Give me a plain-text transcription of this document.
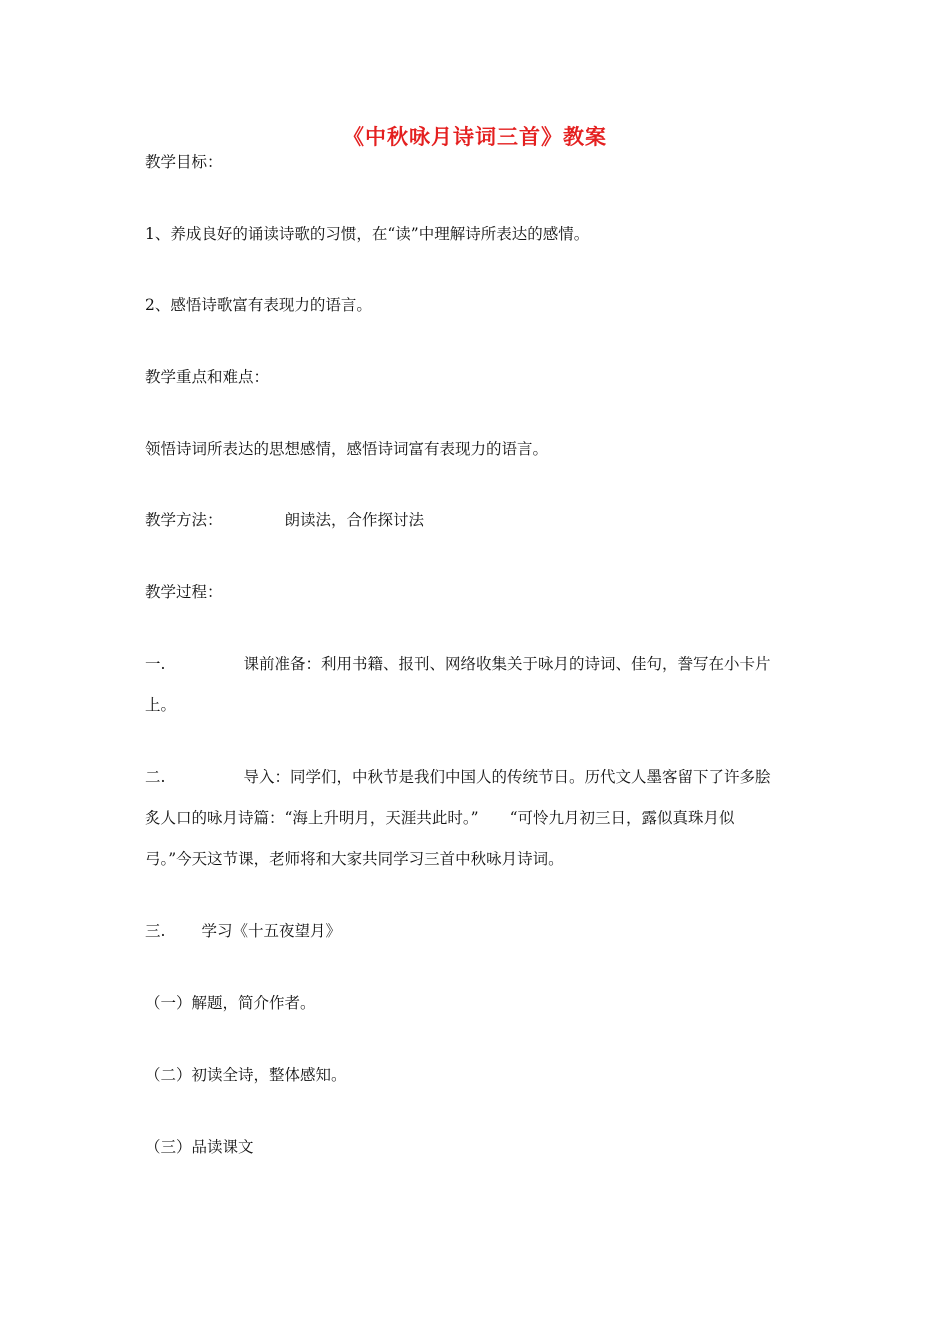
《中秋咏月诗词三首》教案
教学目标：
1、养成良好的诵读诗歌的习惯，在“读”中理解诗所表达的感情。
2、感悟诗歌富有表现力的语言。
教学重点和难点：
领悟诗词所表达的思想感情，感悟诗词富有表现力的语言。
教学方法：	朗读法，合作探讨法
教学过程：
一.	课前准备：利用书籍、报刊、网络收集关于咏月的诗词、佳句，誊写在小卡片
上。
二.	导入：同学们，中秋节是我们中国人的传统节日。历代文人墨客留下了许多脍
炙人口的咏月诗篇：“海上升明月，天涯共此时。”　　“可怜九月初三日，露似真珠月似
弓。”今天这节课，老师将和大家共同学习三首中秋咏月诗词。
三. 学习《十五夜望月》
（一）解题，简介作者。
（二）初读全诗，整体感知。
（三）品读课文
